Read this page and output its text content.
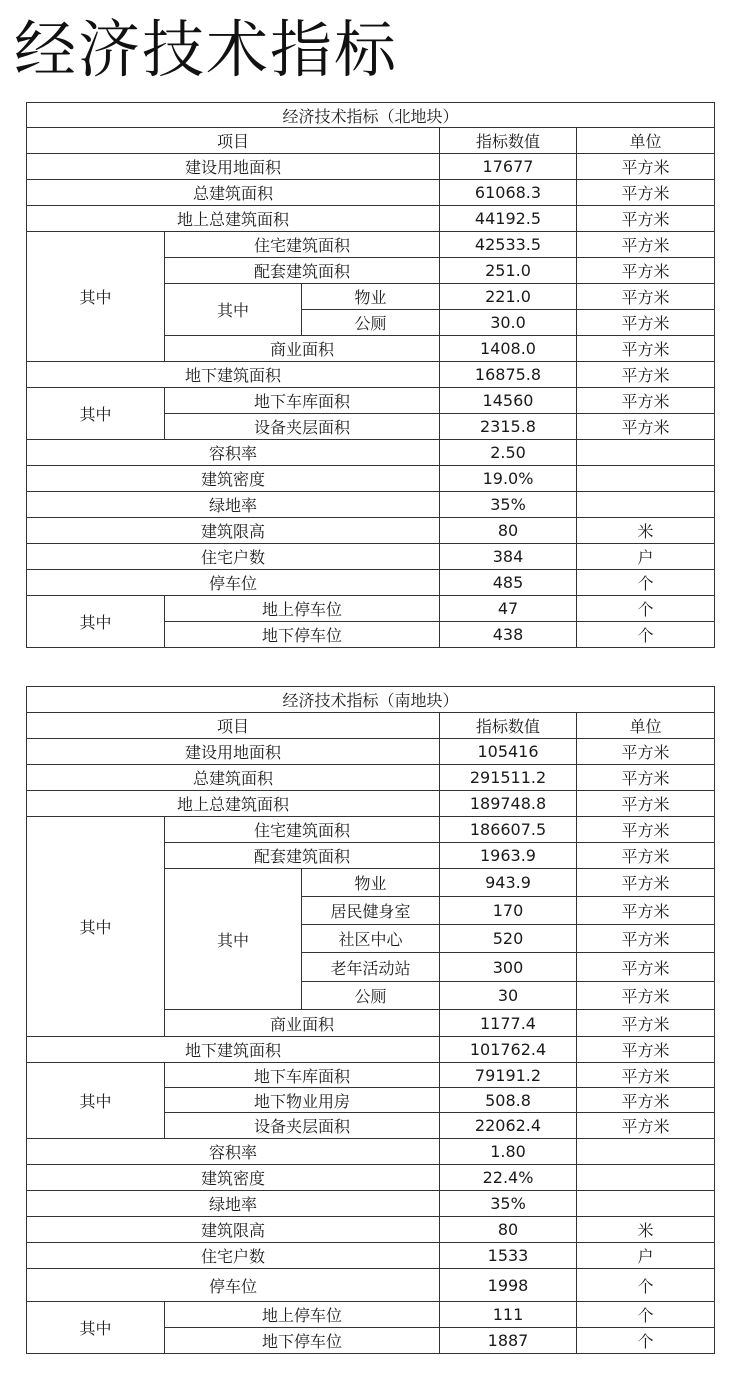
经济技术指标
经济技术指标（北地块）				
项目			指标数值	单位
建设用地面积			17677	平方米
总建筑面积			61068.3	平方米
地上总建筑面积			44192.5	平方米
其中	住宅建筑面积		42533.5	平方米
	配套建筑面积		251.0	平方米
	其中	物业	221.0	平方米
		公厕	30.0	平方米
	商业面积		1408.0	平方米
地下建筑面积			16875.8	平方米
其中	地下车库面积		14560	平方米
	设备夹层面积		2315.8	平方米
容积率			2.50	
建筑密度			19.0%	
绿地率			35%	
建筑限高			80	米
住宅户数			384	户
停车位			485	个
其中	地上停车位		47	个
	地下停车位		438	个
经济技术指标（南地块）				
项目			指标数值	单位
建设用地面积			105416	平方米
总建筑面积			291511.2	平方米
地上总建筑面积			189748.8	平方米
其中	住宅建筑面积		186607.5	平方米
	配套建筑面积		1963.9	平方米
	其中	物业	943.9	平方米
		居民健身室	170	平方米
		社区中心	520	平方米
		老年活动站	300	平方米
		公厕	30	平方米
	商业面积		1177.4	平方米
地下建筑面积			101762.4	平方米
其中	地下车库面积		79191.2	平方米
	地下物业用房		508.8	平方米
	设备夹层面积		22062.4	平方米
容积率			1.80	
建筑密度			22.4%	
绿地率			35%	
建筑限高			80	米
住宅户数			1533	户
停车位			1998	个
其中	地上停车位		111	个
	地下停车位		1887	个
